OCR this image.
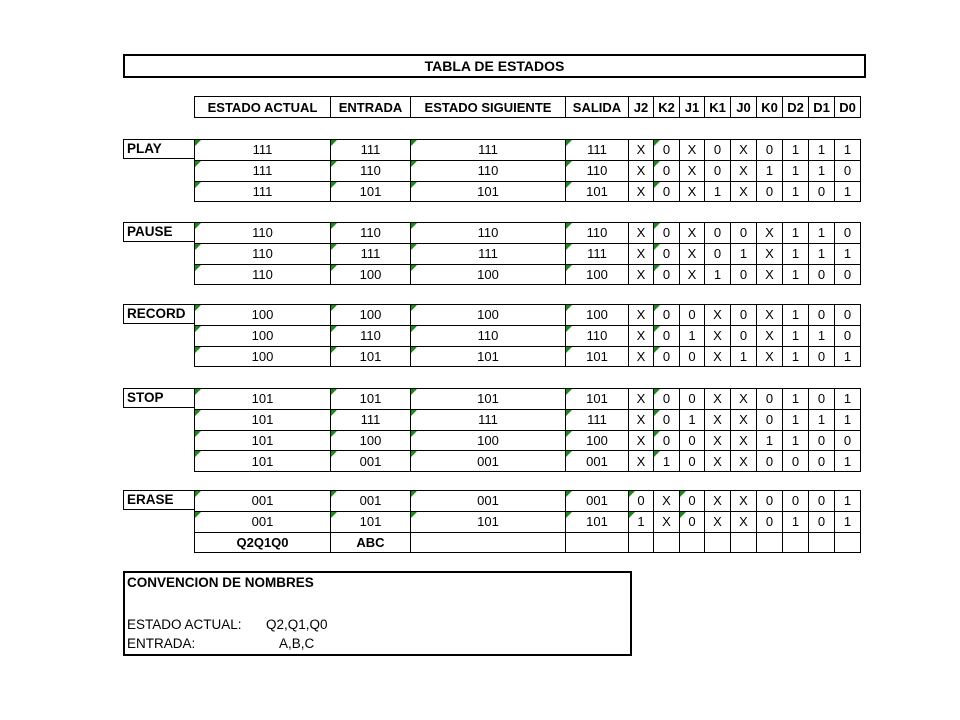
TABLA DE ESTADOS
ESTADO ACTUAL	ENTRADA	ESTADO SIGUIENTE	SALIDA	J2	K2	J1	K1	J0	K0	D2	D1	D0
PLAY	111	111	111	111	X	0	X	0	X	0	1	1	1
111	110	110	110	X	0	X	0	X	1	1	1	0
111	101	101	101	X	0	X	1	X	0	1	0	1
PAUSE	110	110	110	110	X	0	X	0	0	X	1	1	0
110	111	111	111	X	0	X	0	1	X	1	1	1
110	100	100	100	X	0	X	1	0	X	1	0	0
RECORD	100	100	100	100	X	0	0	X	0	X	1	0	0
100	110	110	110	X	0	1	X	0	X	1	1	0
100	101	101	101	X	0	0	X	1	X	1	0	1
STOP	101	101	101	101	X	0	0	X	X	0	1	0	1
101	111	111	111	X	0	1	X	X	0	1	1	1
101	100	100	100	X	0	0	X	X	1	1	0	0
101	001	001	001	X	1	0	X	X	0	0	0	1
ERASE	001	001	001	001	0	X	0	X	X	0	0	0	1
001	101	101	101	1	X	0	X	X	0	1	0	1
Q2Q1Q0	ABC											
CONVENCION DE NOMBRES
ESTADO ACTUAL: Q2,Q1,Q0
ENTRADA:	A,B,C
